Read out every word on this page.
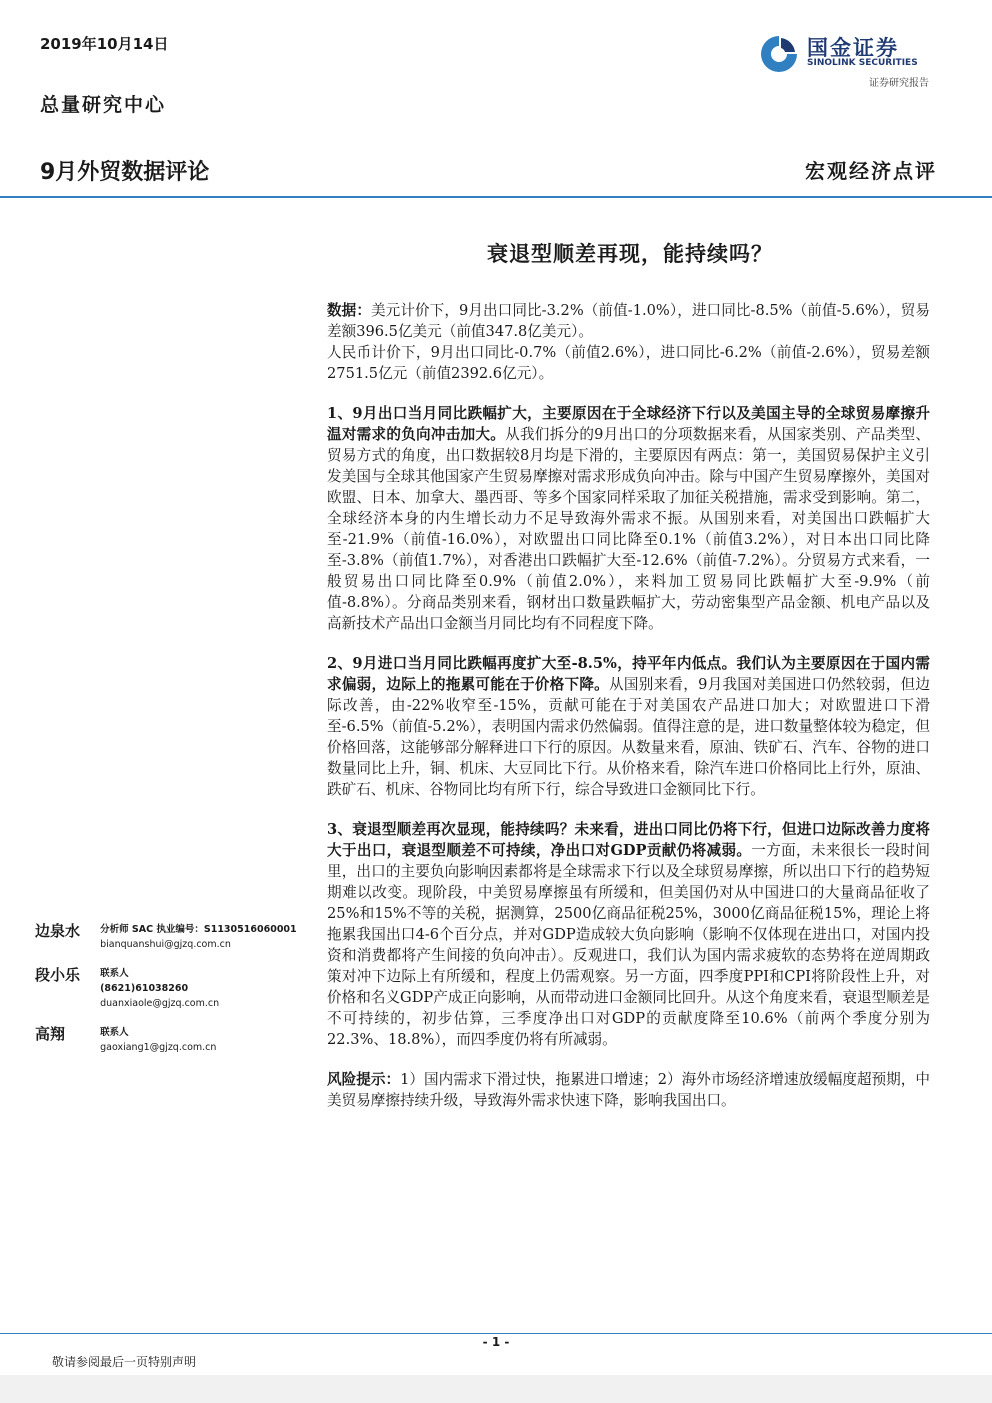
2019年10月14日
总量研究中心
国金证券
SINOLINK SECURITIES
证券研究报告
9月外贸数据评论	宏观经济点评
衰退型顺差再现，能持续吗？

数据：美元计价下，9月出口同比-3.2%（前值-1.0%），进口同比-8.5%（前值-5.6%），贸易差额396.5亿美元（前值347.8亿美元）。

人民币计价下，9月出口同比-0.7%（前值2.6%），进口同比-6.2%（前值-2.6%），贸易差额2751.5亿元（前值2392.6亿元）。

1、9月出口当月同比跌幅扩大，主要原因在于全球经济下行以及美国主导的全球贸易摩擦升温对需求的负向冲击加大。从我们拆分的9月出口的分项数据来看，从国家类别、产品类型、贸易方式的角度，出口数据较8月均是下滑的，主要原因有两点：第一，美国贸易保护主义引发美国与全球其他国家产生贸易摩擦对需求形成负向冲击。除与中国产生贸易摩擦外，美国对欧盟、日本、加拿大、墨西哥、等多个国家同样采取了加征关税措施，需求受到影响。第二，全球经济本身的内生增长动力不足导致海外需求不振。从国别来看，对美国出口跌幅扩大至-21.9%（前值-16.0%），对欧盟出口同比降至0.1%（前值3.2%），对日本出口同比降至-3.8%（前值1.7%），对香港出口跌幅扩大至-12.6%（前值-7.2%）。分贸易方式来看，一般贸易出口同比降至0.9%（前值2.0%），来料加工贸易同比跌幅扩大至-9.9%（前值-8.8%）。分商品类别来看，钢材出口数量跌幅扩大，劳动密集型产品金额、机电产品以及高新技术产品出口金额当月同比均有不同程度下降。

2、9月进口当月同比跌幅再度扩大至-8.5%，持平年内低点。我们认为主要原因在于国内需求偏弱，边际上的拖累可能在于价格下降。从国别来看，9月我国对美国进口仍然较弱，但边际改善，由-22%收窄至-15%，贡献可能在于对美国农产品进口加大；对欧盟进口下滑至-6.5%（前值-5.2%），表明国内需求仍然偏弱。值得注意的是，进口数量整体较为稳定，但价格回落，这能够部分解释进口下行的原因。从数量来看，原油、铁矿石、汽车、谷物的进口数量同比上升，铜、机床、大豆同比下行。从价格来看，除汽车进口价格同比上行外，原油、跌矿石、机床、谷物同比均有所下行，综合导致进口金额同比下行。

3、衰退型顺差再次显现，能持续吗？未来看，进出口同比仍将下行，但进口边际改善力度将大于出口，衰退型顺差不可持续，净出口对GDP贡献仍将减弱。一方面，未来很长一段时间里，出口的主要负向影响因素都将是全球需求下行以及全球贸易摩擦，所以出口下行的趋势短期难以改变。现阶段，中美贸易摩擦虽有所缓和，但美国仍对从中国进口的大量商品征收了25%和15%不等的关税，据测算，2500亿商品征税25%，3000亿商品征税15%，理论上将拖累我国出口4-6个百分点，并对GDP造成较大负向影响（影响不仅体现在进出口，对国内投资和消费都将产生间接的负向冲击）。反观进口，我们认为国内需求疲软的态势将在逆周期政策对冲下边际上有所缓和，程度上仍需观察。另一方面，四季度PPI和CPI将阶段性上升，对价格和名义GDP产成正向影响，从而带动进口金额同比回升。从这个角度来看，衰退型顺差是不可持续的，初步估算，三季度净出口对GDP的贡献度降至10.6%（前两个季度分别为22.3%、18.8%），而四季度仍将有所减弱。

风险提示：1）国内需求下滑过快，拖累进口增速；2）海外市场经济增速放缓幅度超预期，中美贸易摩擦持续升级，导致海外需求快速下降，影响我国出口。

边泉水 分析师 SAC 执业编号：S1130516060001
bianquanshui@gjzq.com.cn
段小乐 联系人
(8621)61038260
duanxiaole@gjzq.com.cn
高翔	联系人
gaoxiang1@gjzq.com.cn
- 1 -
敬请参阅最后一页特别声明
